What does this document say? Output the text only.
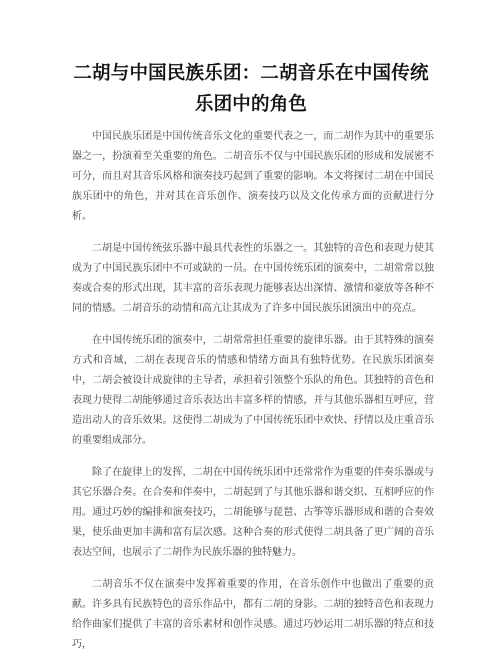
二胡与中国民族乐团：二胡音乐在中国传统
乐团中的角色

中国民族乐团是中国传统音乐文化的重要代表之一，而二胡作为其中的重要乐器之一，扮演着至关重要的角色。二胡音乐不仅与中国民族乐团的形成和发展密不可分，而且对其音乐风格和演奏技巧起到了重要的影响。本文将探讨二胡在中国民族乐团中的角色，并对其在音乐创作、演奏技巧以及文化传承方面的贡献进行分析。

二胡是中国传统弦乐器中最具代表性的乐器之一。其独特的音色和表现力使其成为了中国民族乐团中不可或缺的一员。在中国传统乐团的演奏中，二胡常常以独奏或合奏的形式出现，其丰富的音乐表现力能够表达出深情、激情和豪放等各种不同的情感。二胡音乐的动情和高亢让其成为了许多中国民族乐团演出中的亮点。

在中国传统乐团的演奏中，二胡常常担任重要的旋律乐器。由于其特殊的演奏方式和音域，二胡在表现音乐的情感和情绪方面具有独特优势。在民族乐团演奏中，二胡会被设计成旋律的主导者，承担着引领整个乐队的角色。其独特的音色和表现力使得二胡能够通过音乐表达出丰富多样的情感，并与其他乐器相互呼应，营造出动人的音乐效果。这使得二胡成为了中国传统乐团中欢快、抒情以及庄重音乐的重要组成部分。

除了在旋律上的发挥，二胡在中国传统乐团中还常常作为重要的伴奏乐器或与其它乐器合奏。在合奏和伴奏中，二胡起到了与其他乐器和谐交织、互相呼应的作用。通过巧妙的编排和演奏技巧，二胡能够与琵琶、古筝等乐器形成和谐的合奏效果，使乐曲更加丰满和富有层次感。这种合奏的形式使得二胡具备了更广阔的音乐表达空间，也展示了二胡作为民族乐器的独特魅力。

二胡音乐不仅在演奏中发挥着重要的作用，在音乐创作中也做出了重要的贡献。许多具有民族特色的音乐作品中，都有二胡的身影。二胡的独特音色和表现力给作曲家们提供了丰富的音乐素材和创作灵感。通过巧妙运用二胡乐器的特点和技巧，
